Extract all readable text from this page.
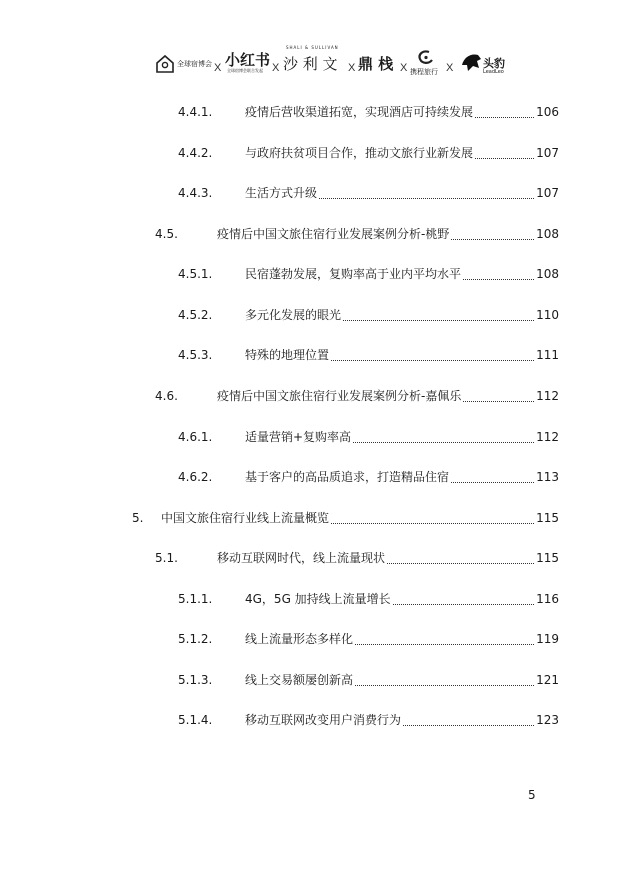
全球宿博会 X 小红书
全球宿博会联合发起 X
SHALI & SULLIVAN
沙 利 文 X 鼎 栈 X 携程旅行 X	头豹
LeadLeo
4.4.1.	疫情后营收渠道拓宽，实现酒店可持续发展	106
4.4.2.	与政府扶贫项目合作，推动文旅行业新发展	107
4.4.3.	生活方式升级	107
4.5.	疫情后中国文旅住宿行业发展案例分析-桃野	108
4.5.1.	民宿蓬勃发展，复购率高于业内平均水平	108
4.5.2.	多元化发展的眼光	110
4.5.3.	特殊的地理位置	111
4.6.	疫情后中国文旅住宿行业发展案例分析-嘉佩乐	112
4.6.1.	适量营销+复购率高	112
4.6.2.	基于客户的高品质追求，打造精品住宿	113
5.	中国文旅住宿行业线上流量概览	115
5.1.	移动互联网时代，线上流量现状	115
5.1.1.	4G，5G 加持线上流量增长	116
5.1.2.	线上流量形态多样化	119
5.1.3.	线上交易额屡创新高	121
5.1.4.	移动互联网改变用户消费行为	123
5
